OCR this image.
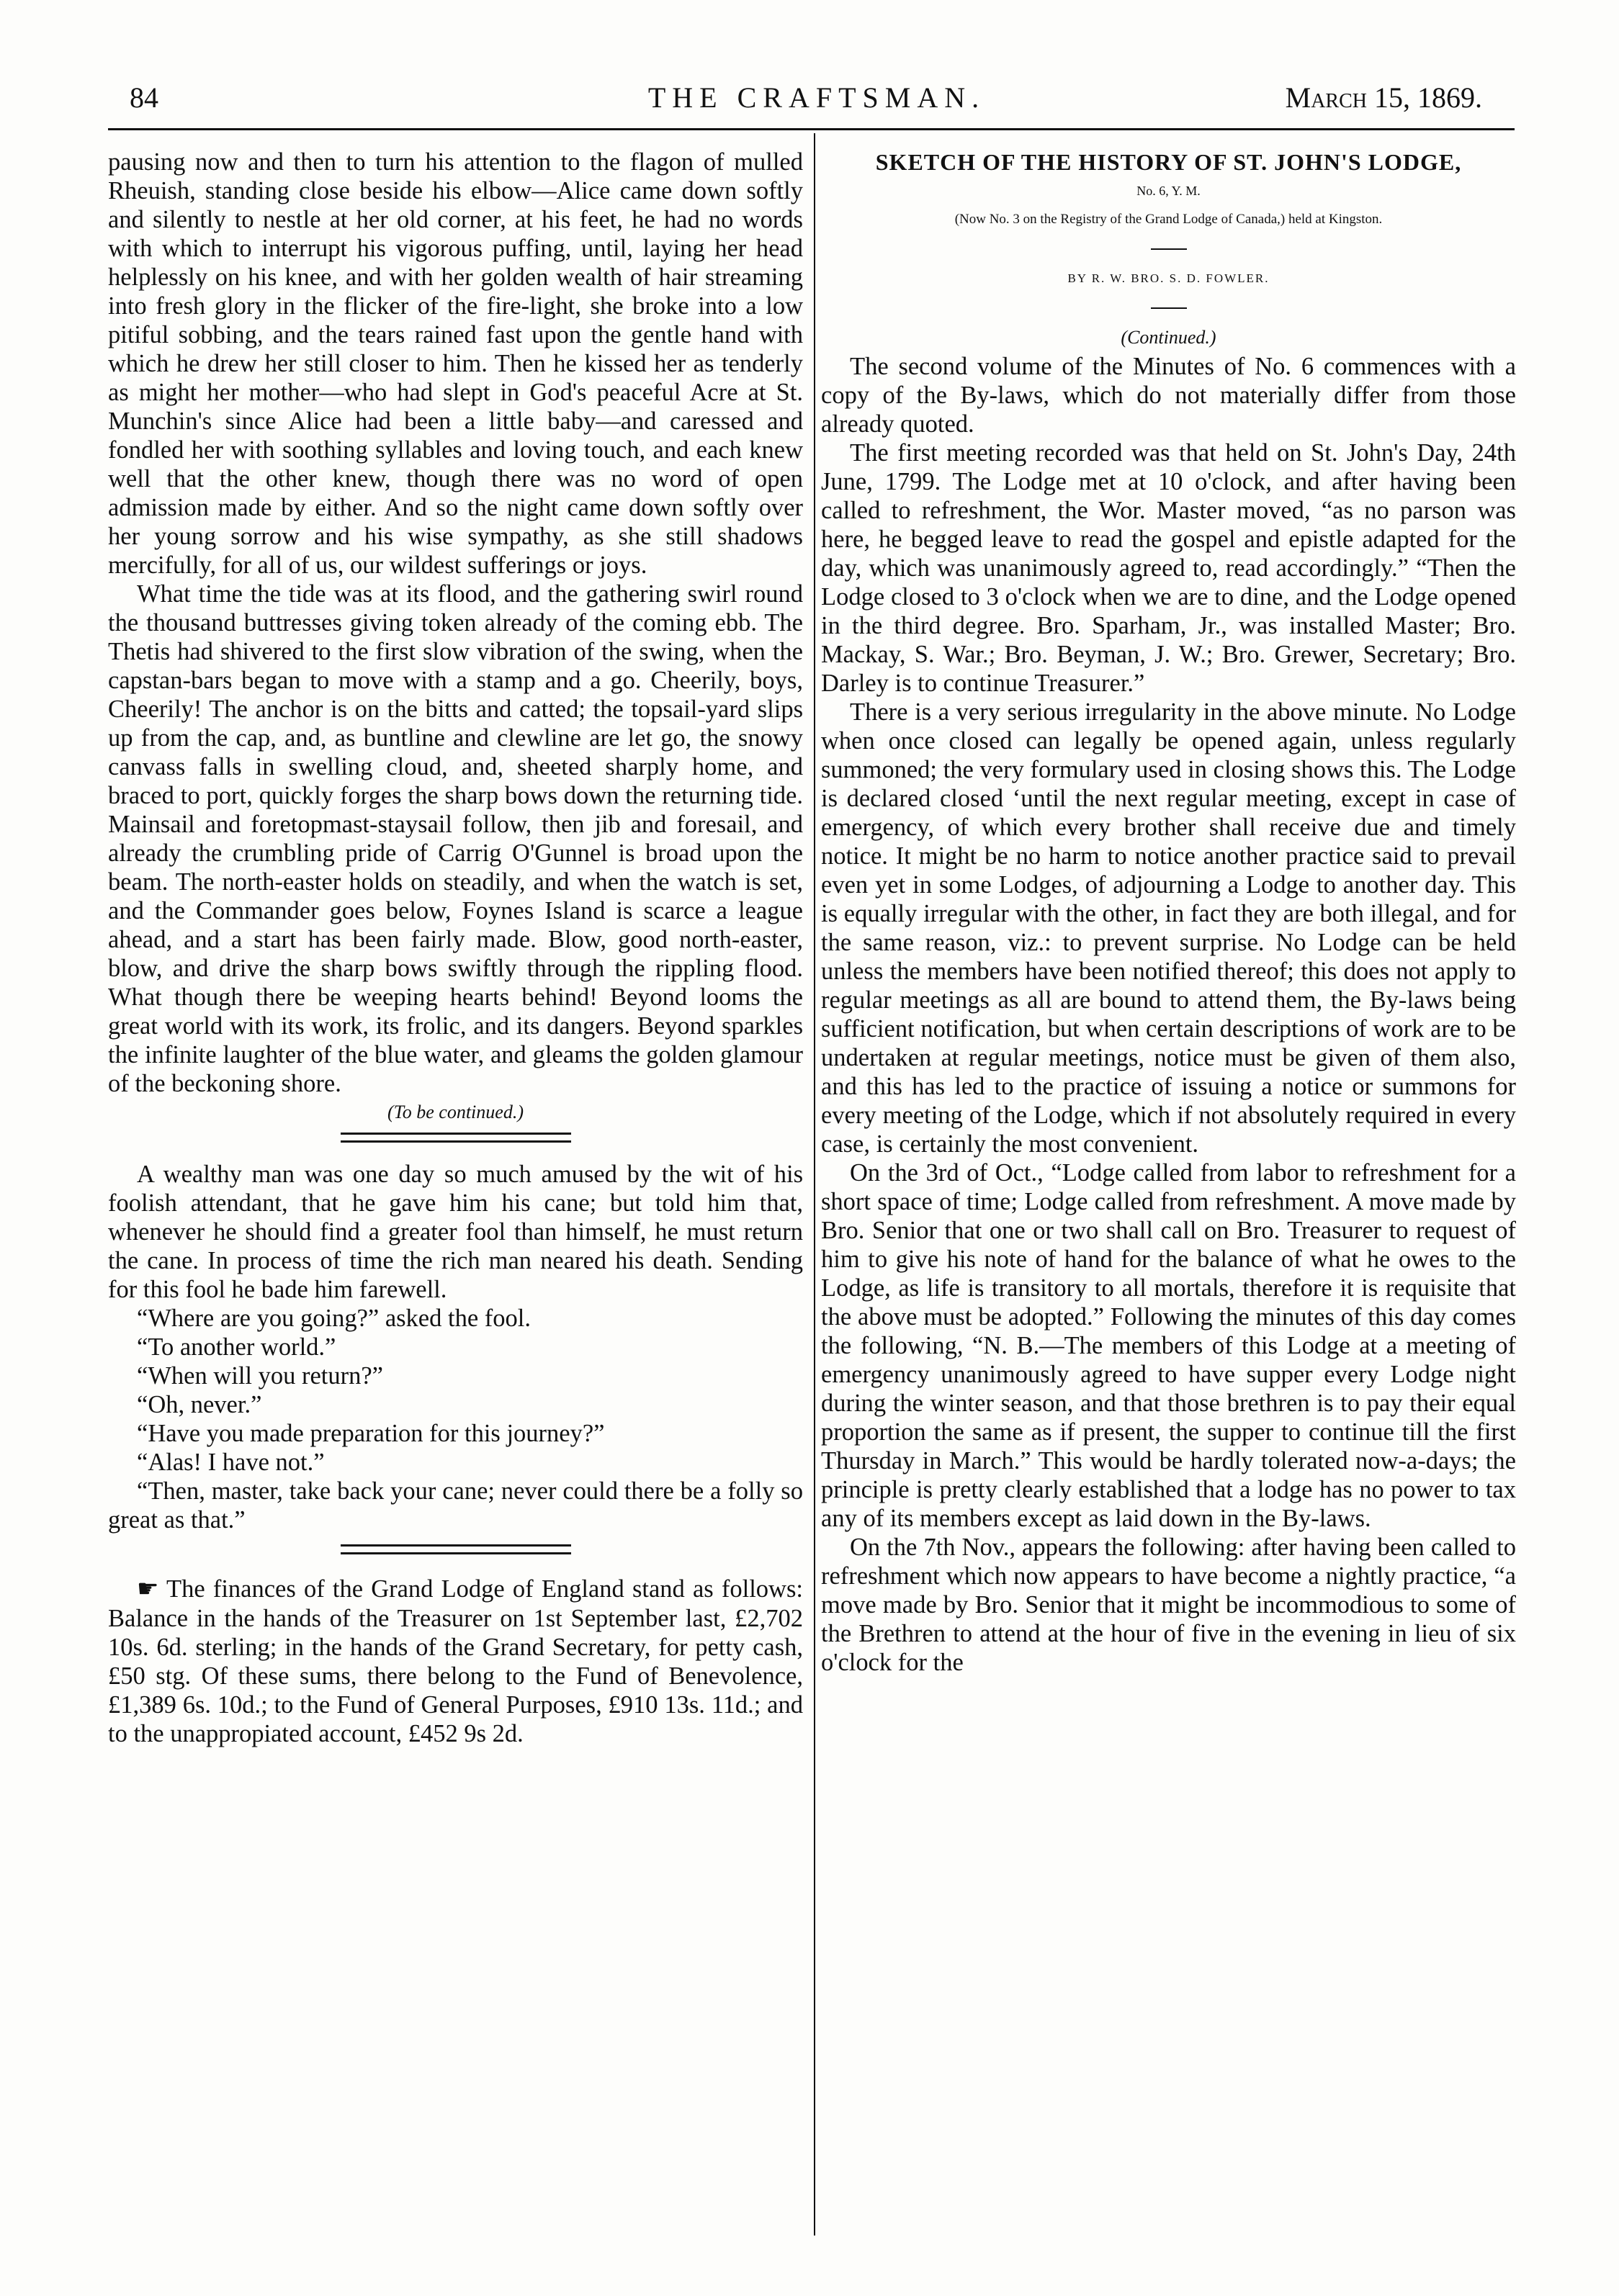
84	THE CRAFTSMAN.	March 15, 1869.

pausing now and then to turn his attention to the flagon of mulled Rheuish, standing close beside his elbow—Alice came down softly and silently to nestle at her old corner, at his feet, he had no words with which to interrupt his vigorous puffing, until, laying her head helplessly on his knee, and with her golden wealth of hair streaming into fresh glory in the flicker of the fire-light, she broke into a low pitiful sobbing, and the tears rained fast upon the gentle hand with which he drew her still closer to him. Then he kissed her as tenderly as might her mother—who had slept in God's peaceful Acre at St. Munchin's since Alice had been a little baby—and caressed and fondled her with soothing syllables and loving touch, and each knew well that the other knew, though there was no word of open admission made by either. And so the night came down softly over her young sorrow and his wise sympathy, as she still shadows mercifully, for all of us, our wildest sufferings or joys.

What time the tide was at its flood, and the gathering swirl round the thousand buttresses giving token already of the coming ebb. The Thetis had shivered to the first slow vibration of the swing, when the capstan-bars began to move with a stamp and a go. Cheerily, boys, Cheerily! The anchor is on the bitts and catted; the topsail-yard slips up from the cap, and, as buntline and clewline are let go, the snowy canvass falls in swelling cloud, and, sheeted sharply home, and braced to port, quickly forges the sharp bows down the returning tide. Mainsail and foretopmast-staysail follow, then jib and foresail, and already the crumbling pride of Carrig O'Gunnel is broad upon the beam. The north-easter holds on steadily, and when the watch is set, and the Commander goes below, Foynes Island is scarce a league ahead, and a start has been fairly made. Blow, good north-easter, blow, and drive the sharp bows swiftly through the rippling flood. What though there be weeping hearts behind! Beyond looms the great world with its work, its frolic, and its dangers. Beyond sparkles the infinite laughter of the blue water, and gleams the golden glamour of the beckoning shore.

(To be continued.)

A wealthy man was one day so much amused by the wit of his foolish attendant, that he gave him his cane; but told him that, whenever he should find a greater fool than himself, he must return the cane. In process of time the rich man neared his death. Sending for this fool he bade him farewell.

“Where are you going?” asked the fool.

“To another world.”

“When will you return?”

“Oh, never.”

“Have you made preparation for this journey?”

“Alas! I have not.”

“Then, master, take back your cane; never could there be a folly so great as that.”

☛ The finances of the Grand Lodge of England stand as follows: Balance in the hands of the Treasurer on 1st September last, £2,702 10s. 6d. sterling; in the hands of the Grand Secretary, for petty cash, £50 stg. Of these sums, there belong to the Fund of Benevolence, £1,389 6s. 10d.; to the Fund of General Purposes, £910 13s. 11d.; and to the unappropiated account, £452 9s 2d.

SKETCH OF THE HISTORY OF ST. JOHN'S LODGE,

No. 6, Y. M.

(Now No. 3 on the Registry of the Grand Lodge of Canada,) held at Kingston.

BY R. W. BRO. S. D. FOWLER.

(Continued.)

The second volume of the Minutes of No. 6 commences with a copy of the By-laws, which do not materially differ from those already quoted.

The first meeting recorded was that held on St. John's Day, 24th June, 1799. The Lodge met at 10 o'clock, and after having been called to refreshment, the Wor. Master moved, “as no parson was here, he begged leave to read the gospel and epistle adapted for the day, which was unanimously agreed to, read accordingly.” “Then the Lodge closed to 3 o'clock when we are to dine, and the Lodge opened in the third degree. Bro. Sparham, Jr., was installed Master; Bro. Mackay, S. War.; Bro. Beyman, J. W.; Bro. Grewer, Secretary; Bro. Darley is to continue Treasurer.”

There is a very serious irregularity in the above minute. No Lodge when once closed can legally be opened again, unless regularly summoned; the very formulary used in closing shows this. The Lodge is declared closed ‘until the next regular meeting, except in case of emergency, of which every brother shall receive due and timely notice. It might be no harm to notice another practice said to prevail even yet in some Lodges, of adjourning a Lodge to another day. This is equally irregular with the other, in fact they are both illegal, and for the same reason, viz.: to prevent surprise. No Lodge can be held unless the members have been notified thereof; this does not apply to regular meetings as all are bound to attend them, the By-laws being sufficient notification, but when certain descriptions of work are to be undertaken at regular meetings, notice must be given of them also, and this has led to the practice of issuing a notice or summons for every meeting of the Lodge, which if not absolutely required in every case, is certainly the most convenient.

On the 3rd of Oct., “Lodge called from labor to refreshment for a short space of time; Lodge called from refreshment. A move made by Bro. Senior that one or two shall call on Bro. Treasurer to request of him to give his note of hand for the balance of what he owes to the Lodge, as life is transitory to all mortals, therefore it is requisite that the above must be adopted.” Following the minutes of this day comes the following, “N. B.—The members of this Lodge at a meeting of emergency unanimously agreed to have supper every Lodge night during the winter season, and that those brethren is to pay their equal proportion the same as if present, the supper to continue till the first Thursday in March.” This would be hardly tolerated now-a-days; the principle is pretty clearly established that a lodge has no power to tax any of its members except as laid down in the By-laws.

On the 7th Nov., appears the following: after having been called to refreshment which now appears to have become a nightly practice, “a move made by Bro. Senior that it might be incommodious to some of the Brethren to attend at the hour of five in the evening in lieu of six o'clock for the
